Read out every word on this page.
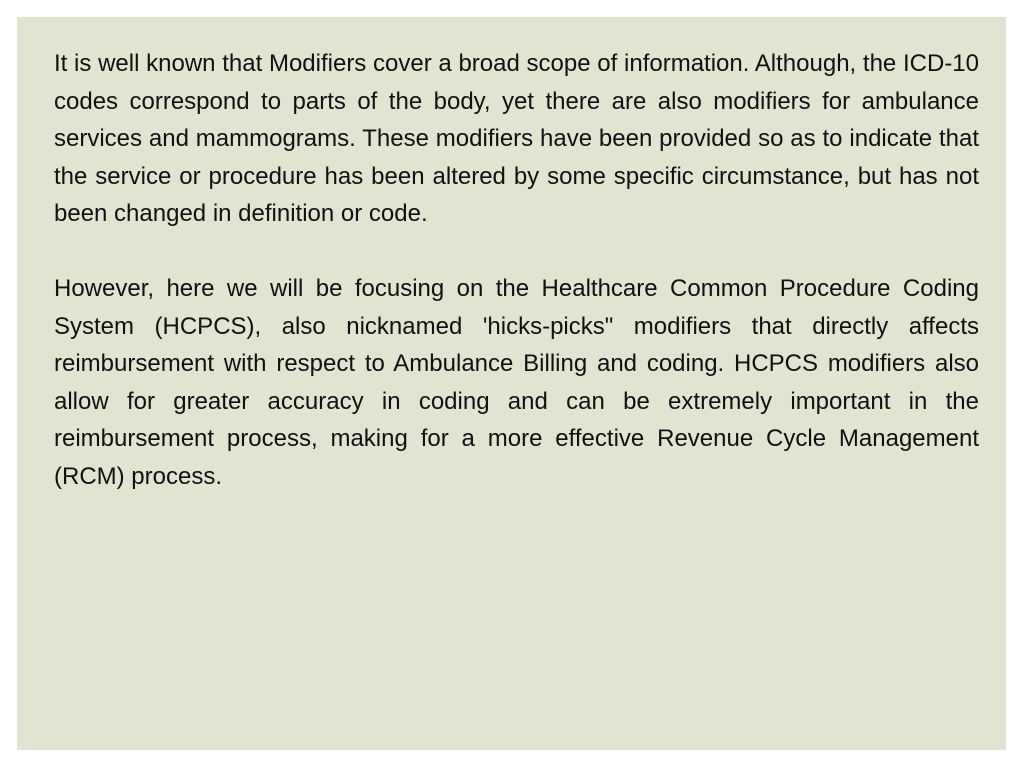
It is well known that Modifiers cover a broad scope of information. Although, the ICD-10 codes correspond to parts of the body, yet there are also modifiers for ambulance services and mammograms. These modifiers have been provided so as to indicate that the service or procedure has been altered by some specific circumstance, but has not been changed in definition or code.

However, here we will be focusing on the Healthcare Common Procedure Coding System (HCPCS), also nicknamed 'hicks-picks" modifiers that directly affects reimbursement with respect to Ambulance Billing and coding. HCPCS modifiers also allow for greater accuracy in coding and can be extremely important in the reimbursement process, making for a more effective Revenue Cycle Management (RCM) process.
